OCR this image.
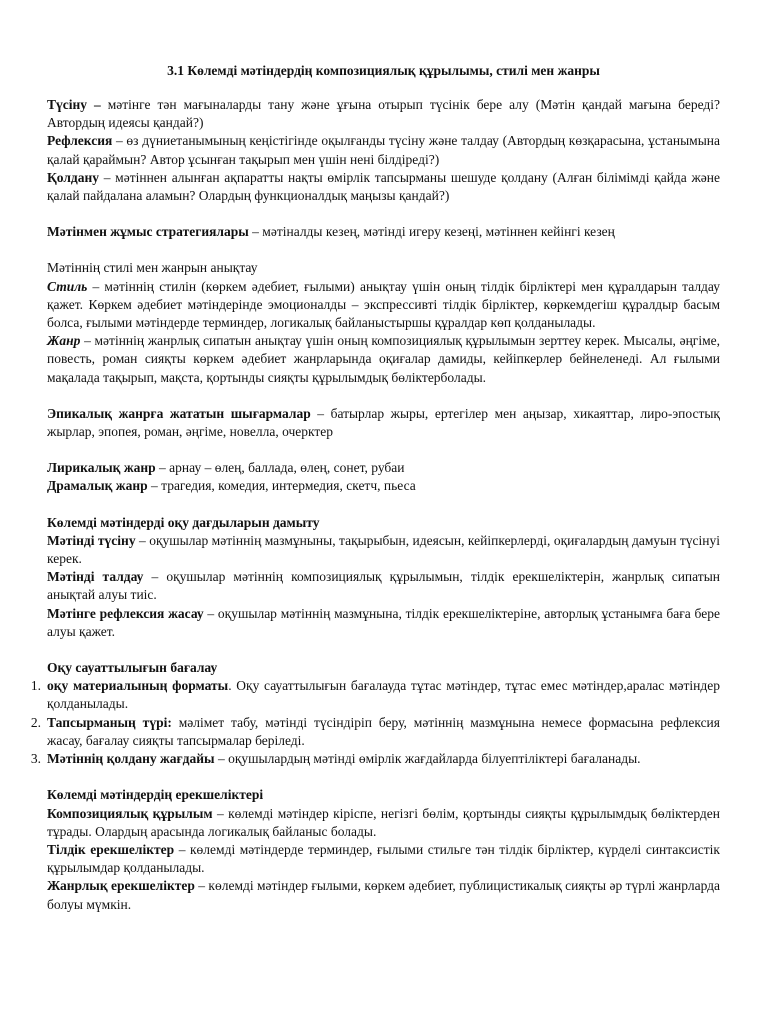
3.1 Көлемді мәтіндердің композициялық құрылымы, стилі мен жанры

Түсіну – мәтінге тән мағыналарды тану және ұғына отырып түсінік бере алу (Мәтін қандай мағына береді? Автордың идеясы қандай?)

Рефлексия – өз дүниетанымының кеңістігінде оқылғанды түсіну және талдау (Автордың көзқарасына, ұстанымына қалай қараймын? Автор ұсынған тақырып мен үшін нені білдіреді?)

Қолдану – мәтіннен алынған ақпаратты нақты өмірлік тапсырманы шешуде қолдану (Алған білімімді қайда және қалай пайдалана аламын? Олардың функционалдық маңызы қандай?)

Мәтінмен жұмыс стратегиялары – мәтіналды кезең, мәтінді игеру кезеңі, мәтіннен кейінгі кезең

Мәтіннің стилі мен жанрын анықтау

Стиль – мәтіннің стилін (көркем әдебиет, ғылыми) анықтау үшін оның тілдік бірліктері мен құралдарын талдау қажет. Көркем әдебиет мәтіндерінде эмоционалды – экспрессивті тілдік бірліктер, көркемдегіш құралдыр басым болса, ғылыми мәтіндерде терминдер, логикалық байланыстыршы құралдар көп қолданылады.

Жанр – мәтіннің жанрлық сипатын анықтау үшін оның композициялық құрылымын зерттеу керек. Мысалы, әңгіме, повесть, роман сияқты көркем әдебиет жанрларында оқиғалар дамиды, кейіпкерлер бейнеленеді. Ал ғылыми мақалада тақырып, мақста, қортынды сияқты құрылымдық бөліктерболады.

Эпикалық жанрға жататын шығармалар – батырлар жыры, ертегілер мен аңызар, хикаяттар, лиро-эпостық жырлар, эпопея, роман, әңгіме, новелла, очерктер

Лирикалық жанр – арнау – өлең, баллада, өлең, сонет, рубаи

Драмалық жанр – трагедия, комедия, интермедия, скетч, пьеса

Көлемді мәтіндерді оқу дағдыларын дамыту

Мәтінді түсіну – оқушылар мәтіннің мазмұныны, тақырыбын, идеясын, кейіпкерлерді, оқиғалардың дамуын түсінуі керек.

Мәтінді талдау – оқушылар мәтіннің композициялық құрылымын, тілдік ерекшеліктерін, жанрлық сипатын анықтай алуы тиіс.

Мәтінге рефлексия жасау – оқушылар мәтіннің мазмұнына, тілдік ерекшеліктеріне, авторлық ұстанымға баға бере алуы қажет.

Оқу сауаттылығын бағалау

1. оқу материалының форматы. Оқу сауаттылығын бағалауда тұтас мәтіндер, тұтас емес мәтіндер,аралас мәтіндер қолданылады.
2. Тапсырманың түрі: мәлімет табу, мәтінді түсіндіріп беру, мәтіннің мазмұнына немесе формасына рефлексия жасау, бағалау сияқты тапсырмалар беріледі.
3. Мәтіннің қолдану жағдайы – оқушылардың мәтінді өмірлік жағдайларда білуептіліктері бағаланады.

Көлемді мәтіндердің ерекшеліктері

Композициялық құрылым – көлемді мәтіндер кіріспе, негізгі бөлім, қортынды сияқты құрылымдық бөліктерден тұрады. Олардың арасында логикалық байланыс болады.

Тілдік ерекшеліктер – көлемді мәтіндерде терминдер, ғылыми стильге тән тілдік бірліктер, күрделі синтаксистік құрылымдар қолданылады.

Жанрлық ерекшеліктер – көлемді мәтіндер ғылыми, көркем әдебиет, публицистикалық сияқты әр түрлі жанрларда болуы мүмкін.
